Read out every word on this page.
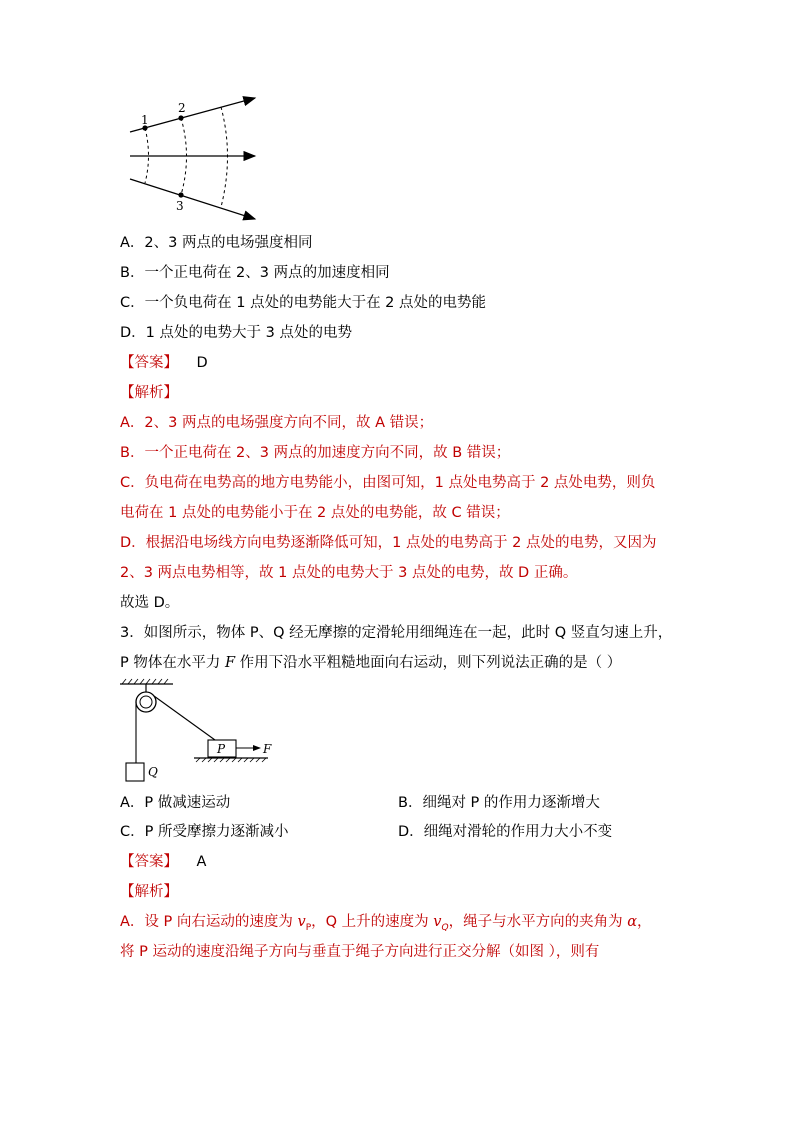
1
2
3
A．2、3 两点的电场强度相同
B．一个正电荷在 2、3 两点的加速度相同
C．一个负电荷在 1 点处的电势能大于在 2 点处的电势能
D．1 点处的电势大于 3 点处的电势
【答案】 D
【解析】
A．2、3 两点的电场强度方向不同，故 A 错误；
B．一个正电荷在 2、3 两点的加速度方向不同，故 B 错误；
C．负电荷在电势高的地方电势能小，由图可知，1 点处电势高于 2 点处电势，则负
电荷在 1 点处的电势能小于在 2 点处的电势能，故 C 错误；
D．根据沿电场线方向电势逐渐降低可知，1 点处的电势高于 2 点处的电势，又因为
2、3 两点电势相等，故 1 点处的电势大于 3 点处的电势，故 D 正确。
故选 D。
3．如图所示，物体 P、Q 经无摩擦的定滑轮用细绳连在一起，此时 Q 竖直匀速上升，
P 物体在水平力 F 作用下沿水平粗糙地面向右运动，则下列说法正确的是（ ）
Q
P	F
A．P 做减速运动	B．细绳对 P 的作用力逐渐增大
C．P 所受摩擦力逐渐减小	D．细绳对滑轮的作用力大小不变
【答案】 A
【解析】
A．设 P 向右运动的速度为 $v_P$，Q 上升的速度为 $v_Q$，绳子与水平方向的夹角为 α，
将 P 运动的速度沿绳子方向与垂直于绳子方向进行正交分解（如图 ），则有
